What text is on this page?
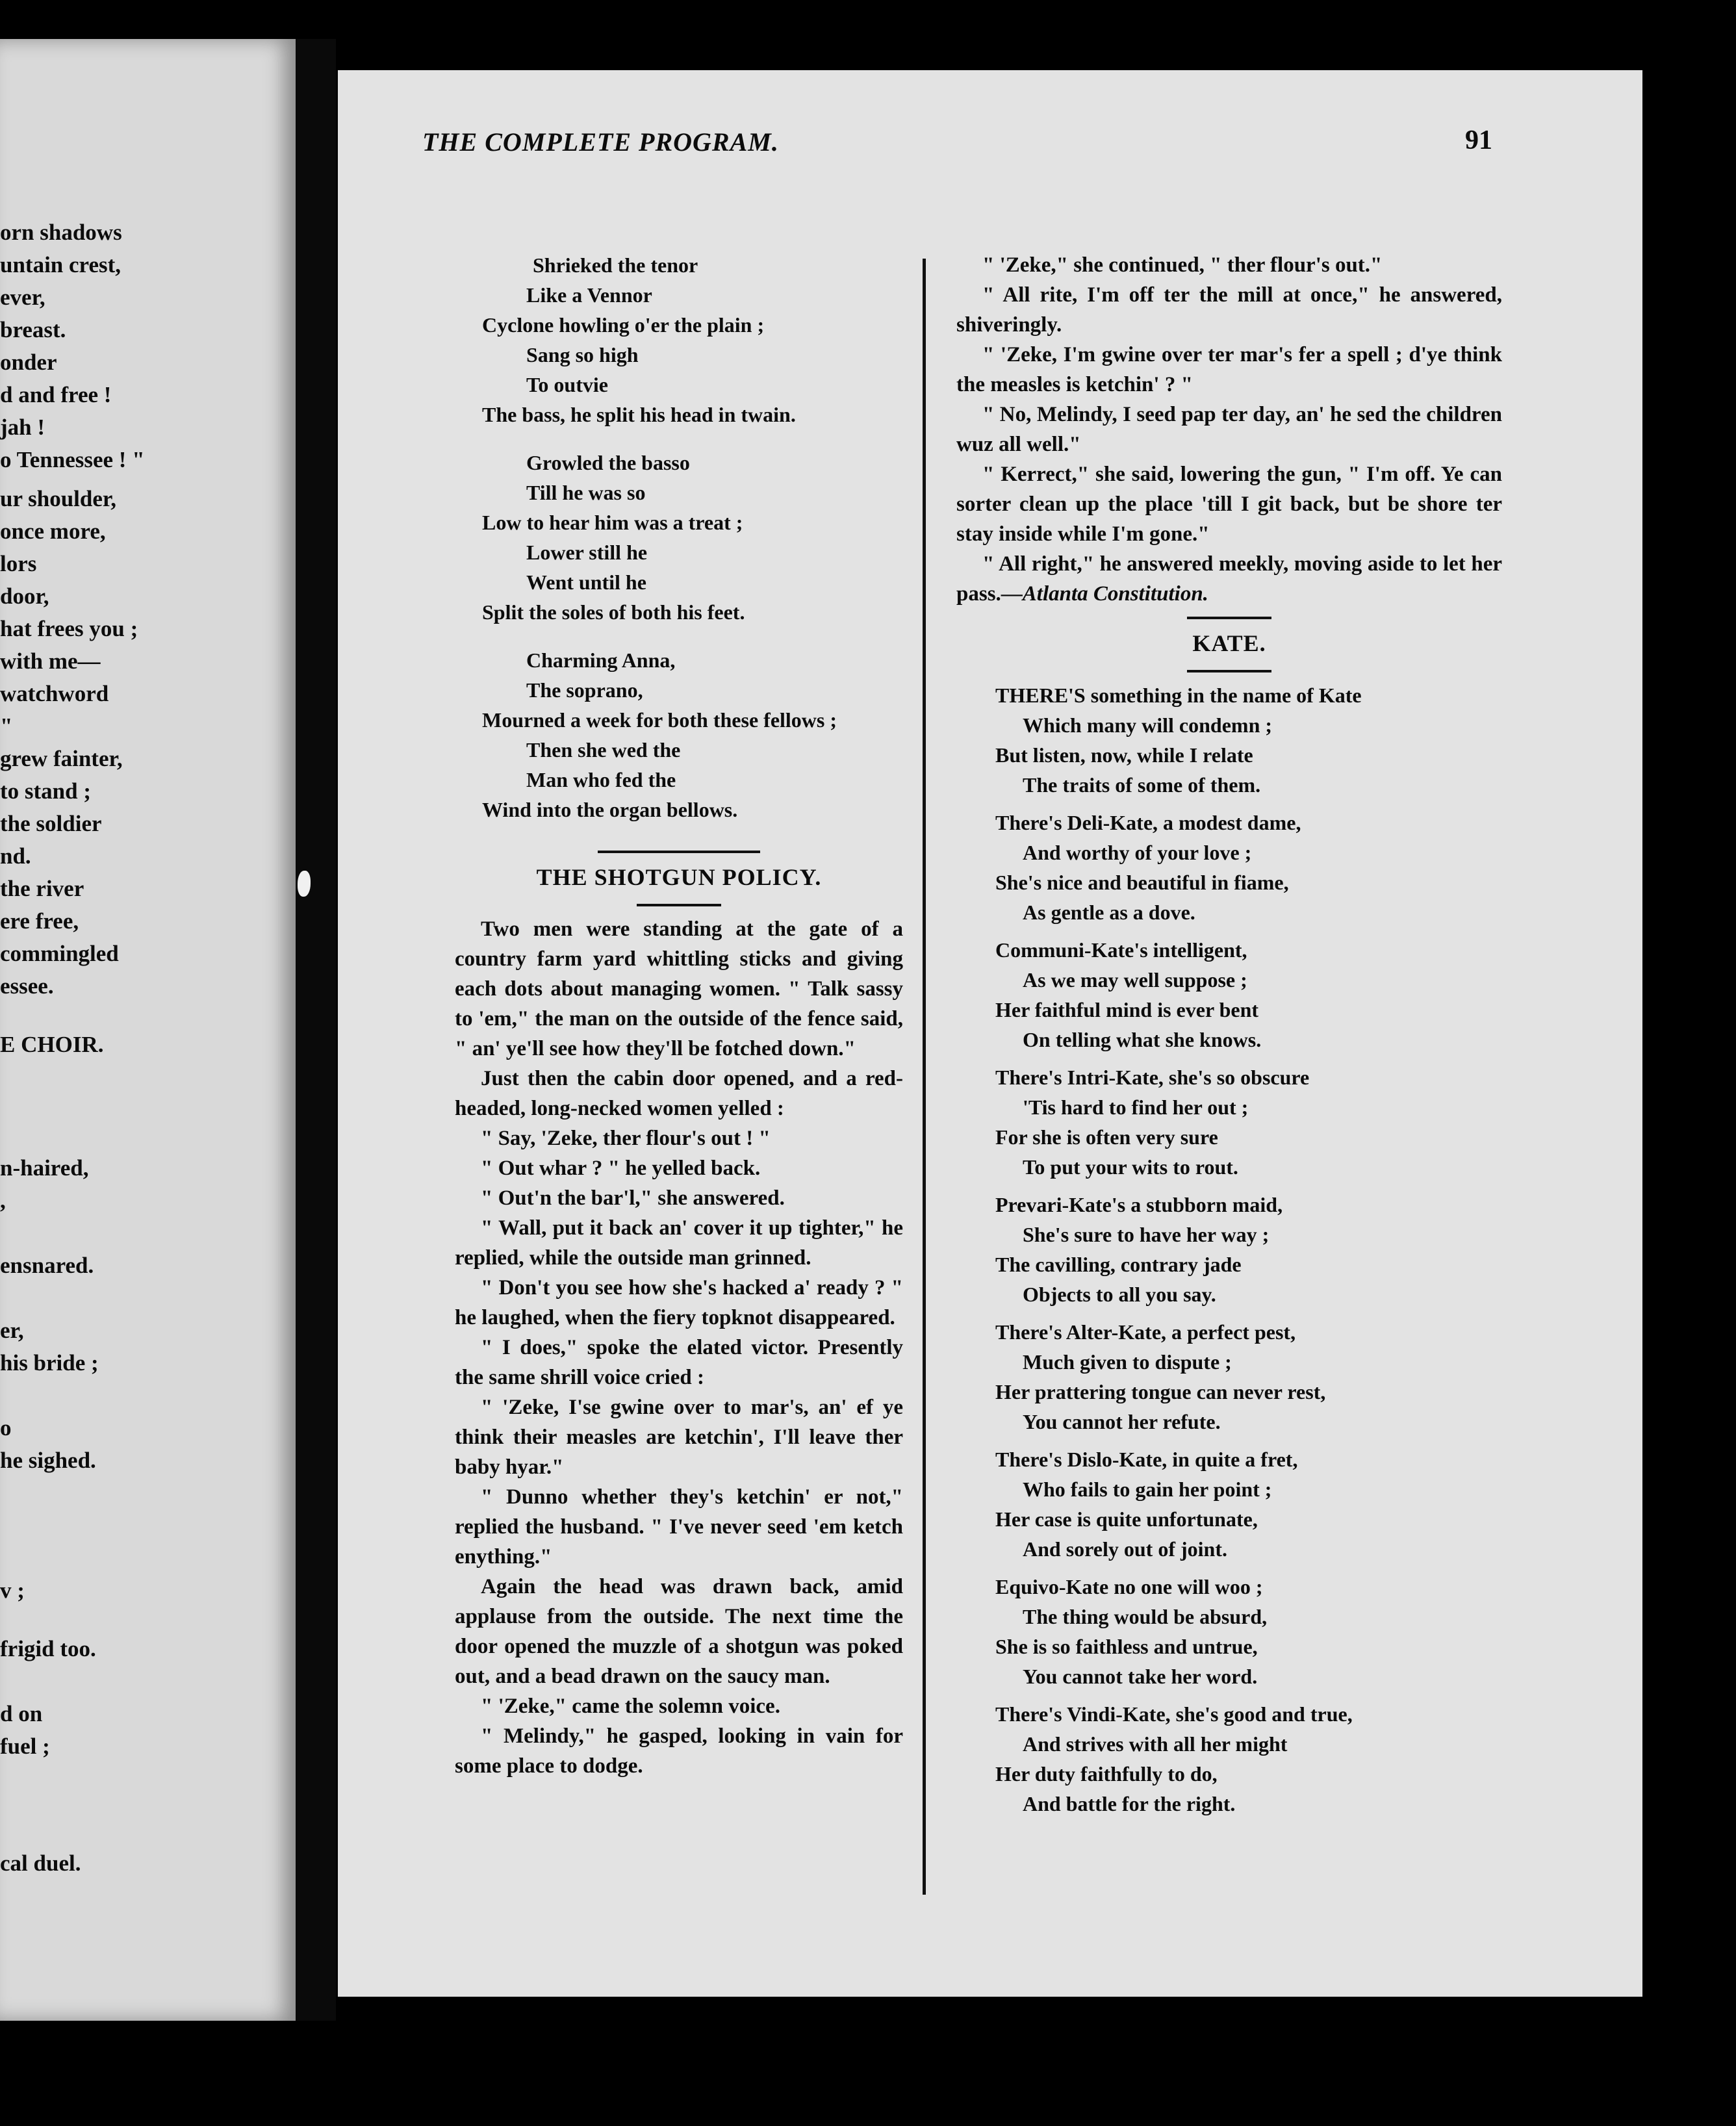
orn shadows
untain crest,
ever,
breast.
onder
d and free !
jah !
o Tennessee ! "
ur shoulder,
once more,
lors
door,
hat frees you ;
with me—
watchword
"
grew fainter,
to stand ;
the soldier
nd.
the river
ere free,
commingled
essee.
E CHOIR.
n-haired,
,
ensnared.
er,
his bride ;
o
he sighed.
v ;
frigid too.
d on
fuel ;
cal duel.
THE COMPLETE PROGRAM.	91
Shrieked the tenor
Like a Vennor
Cyclone howling o'er the plain ;
Sang so high
To outvie
The bass, he split his head in twain.
Growled the basso
Till he was so
Low to hear him was a treat ;
Lower still he
Went until he
Split the soles of both his feet.
Charming Anna,
The soprano,
Mourned a week for both these fellows ;
Then she wed the
Man who fed the
Wind into the organ bellows.
THE SHOTGUN POLICY.

Two men were standing at the gate of a country farm yard whittling sticks and giving each dots about managing women. " Talk sassy to 'em," the man on the outside of the fence said, " an' ye'll see how they'll be fotched down."

Just then the cabin door opened, and a red-headed, long-necked women yelled :

" Say, 'Zeke, ther flour's out ! "

" Out whar ? " he yelled back.

" Out'n the bar'l," she answered.

" Wall, put it back an' cover it up tighter," he replied, while the outside man grinned.

" Don't you see how she's hacked a' ready ? " he laughed, when the fiery topknot disappeared.

" I does," spoke the elated victor. Presently the same shrill voice cried :

" 'Zeke, I'se gwine over to mar's, an' ef ye think their measles are ketchin', I'll leave ther baby hyar."

" Dunno whether they's ketchin' er not," replied the husband. " I've never seed 'em ketch enything."

Again the head was drawn back, amid applause from the outside. The next time the door opened the muzzle of a shotgun was poked out, and a bead drawn on the saucy man.

" 'Zeke," came the solemn voice.

" Melindy," he gasped, looking in vain for some place to dodge.

" 'Zeke," she continued, " ther flour's out."

" All rite, I'm off ter the mill at once," he answered, shiveringly.

" 'Zeke, I'm gwine over ter mar's fer a spell ; d'ye think the measles is ketchin' ? "

" No, Melindy, I seed pap ter day, an' he sed the children wuz all well."

" Kerrect," she said, lowering the gun, " I'm off. Ye can sorter clean up the place 'till I git back, but be shore ter stay inside while I'm gone."

" All right," he answered meekly, moving aside to let her pass.—Atlanta Constitution.

KATE.
THERE'S something in the name of Kate
Which many will condemn ;
But listen, now, while I relate
The traits of some of them.
There's Deli-Kate, a modest dame,
And worthy of your love ;
She's nice and beautiful in fiame,
As gentle as a dove.
Communi-Kate's intelligent,
As we may well suppose ;
Her faithful mind is ever bent
On telling what she knows.
There's Intri-Kate, she's so obscure
'Tis hard to find her out ;
For she is often very sure
To put your wits to rout.
Prevari-Kate's a stubborn maid,
She's sure to have her way ;
The cavilling, contrary jade
Objects to all you say.
There's Alter-Kate, a perfect pest,
Much given to dispute ;
Her prattering tongue can never rest,
You cannot her refute.
There's Dislo-Kate, in quite a fret,
Who fails to gain her point ;
Her case is quite unfortunate,
And sorely out of joint.
Equivo-Kate no one will woo ;
The thing would be absurd,
She is so faithless and untrue,
You cannot take her word.
There's Vindi-Kate, she's good and true,
And strives with all her might
Her duty faithfully to do,
And battle for the right.
